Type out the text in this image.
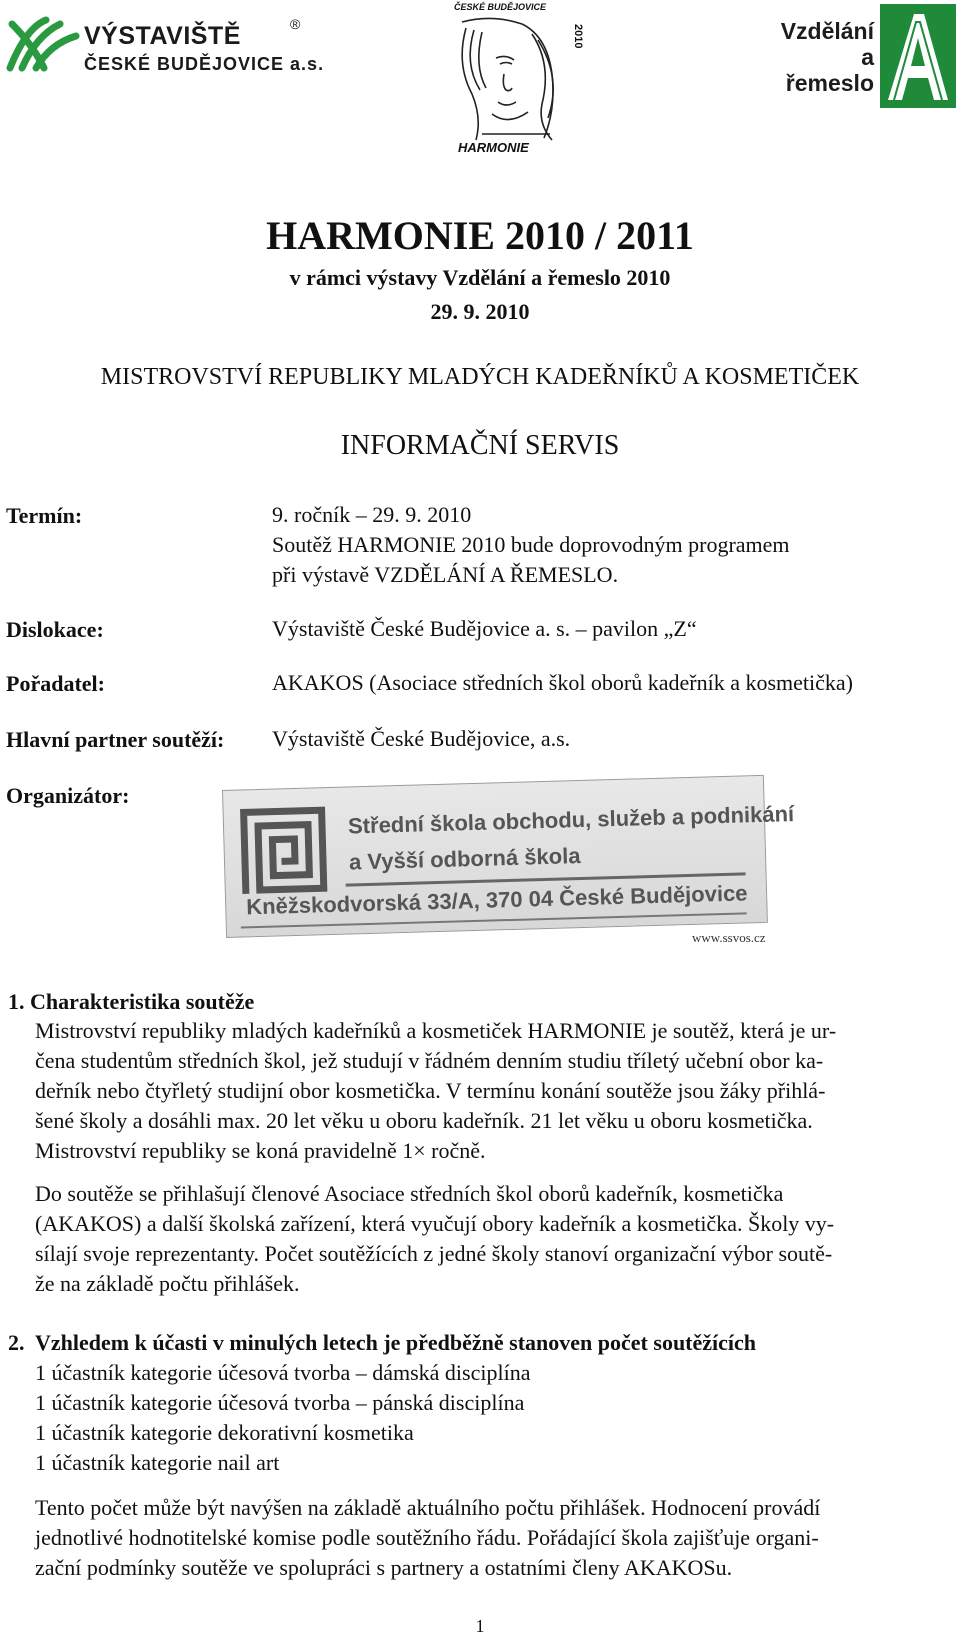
VÝSTAVIŠTĚ
ČESKÉ BUDĚJOVICE a.s.
®
ČESKÉ BUDĚJOVICE
2010
HARMONIE
Vzdělání
a
řemeslo
HARMONIE 2010 / 2011
v rámci výstavy Vzdělání a řemeslo 2010
29. 9. 2010
MISTROVSTVÍ REPUBLIKY MLADÝCH KADEŘNÍKŮ A KOSMETIČEK
INFORMAČNÍ SERVIS
Termín:	9. ročník – 29. 9. 2010
Soutěž HARMONIE 2010 bude doprovodným programem
při výstavě VZDĚLÁNÍ A ŘEMESLO.
Dislokace:	Výstaviště České Budějovice a. s. – pavilon „Z“
Pořadatel:	AKAKOS (Asociace středních škol oborů kadeřník a kosmetička)
Hlavní partner soutěží: Výstaviště České Budějovice, a.s.
Organizátor:
Střední škola obchodu, služeb a podnikání
a Vyšší odborná škola
Kněžskodvorská 33/A, 370 04 České Budějovice
www.ssvos.cz
1. Charakteristika soutěže
Mistrovství republiky mladých kadeřníků a kosmetiček HARMONIE je soutěž, která je ur-
čena studentům středních škol, jež studují v řádném denním studiu tříletý učební obor ka-
deřník nebo čtyřletý studijní obor kosmetička. V termínu konání soutěže jsou žáky přihlá-
šené školy a dosáhli max. 20 let věku u oboru kadeřník. 21 let věku u oboru kosmetička.
Mistrovství republiky se koná pravidelně 1× ročně.
Do soutěže se přihlašují členové Asociace středních škol oborů kadeřník, kosmetička
(AKAKOS) a další školská zařízení, která vyučují obory kadeřník a kosmetička. Školy vy-
sílají svoje reprezentanty. Počet soutěžících z jedné školy stanoví organizační výbor soutě-
že na základě počtu přihlášek.
2. Vzhledem k účasti v minulých letech je předběžně stanoven počet soutěžících
1 účastník kategorie účesová tvorba – dámská disciplína
1 účastník kategorie účesová tvorba – pánská disciplína
1 účastník kategorie dekorativní kosmetika
1 účastník kategorie nail art
Tento počet může být navýšen na základě aktuálního počtu přihlášek. Hodnocení provádí
jednotlivé hodnotitelské komise podle soutěžního řádu. Pořádající škola zajišťuje organi-
zační podmínky soutěže ve spolupráci s partnery a ostatními členy AKAKOSu.
1
